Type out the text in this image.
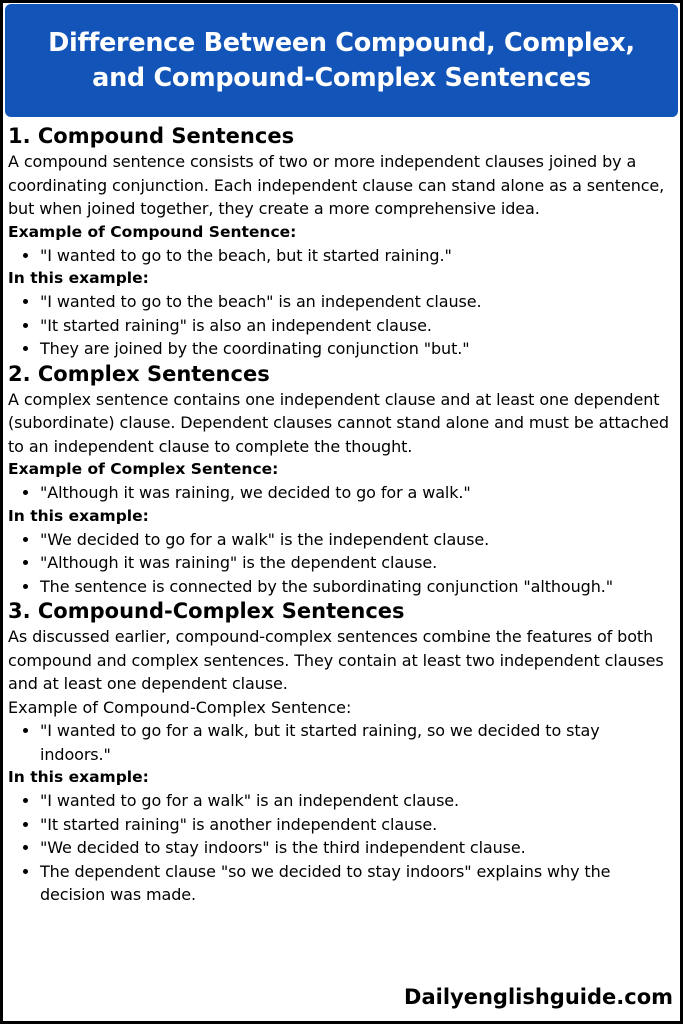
Difference Between Compound, Complex,
and Compound-Complex Sentences
1. Compound Sentences

A compound sentence consists of two or more independent clauses joined by a coordinating conjunction. Each independent clause can stand alone as a sentence, but when joined together, they create a more comprehensive idea.

Example of Compound Sentence:
• "I wanted to go to the beach, but it started raining."
In this example:
• "I wanted to go to the beach" is an independent clause.
• "It started raining" is also an independent clause.
• They are joined by the coordinating conjunction "but."
2. Complex Sentences

A complex sentence contains one independent clause and at least one dependent (subordinate) clause. Dependent clauses cannot stand alone and must be attached to an independent clause to complete the thought.

Example of Complex Sentence:
• "Although it was raining, we decided to go for a walk."
In this example:
• "We decided to go for a walk" is the independent clause.
• "Although it was raining" is the dependent clause.
• The sentence is connected by the subordinating conjunction "although."
3. Compound-Complex Sentences

As discussed earlier, compound-complex sentences combine the features of both compound and complex sentences. They contain at least two independent clauses and at least one dependent clause.

Example of Compound-Complex Sentence:
• "I wanted to go for a walk, but it started raining, so we decided to stay indoors."
In this example:
• "I wanted to go for a walk" is an independent clause.
• "It started raining" is another independent clause.
• "We decided to stay indoors" is the third independent clause.
• The dependent clause "so we decided to stay indoors" explains why the decision was made.
Dailyenglishguide.com
